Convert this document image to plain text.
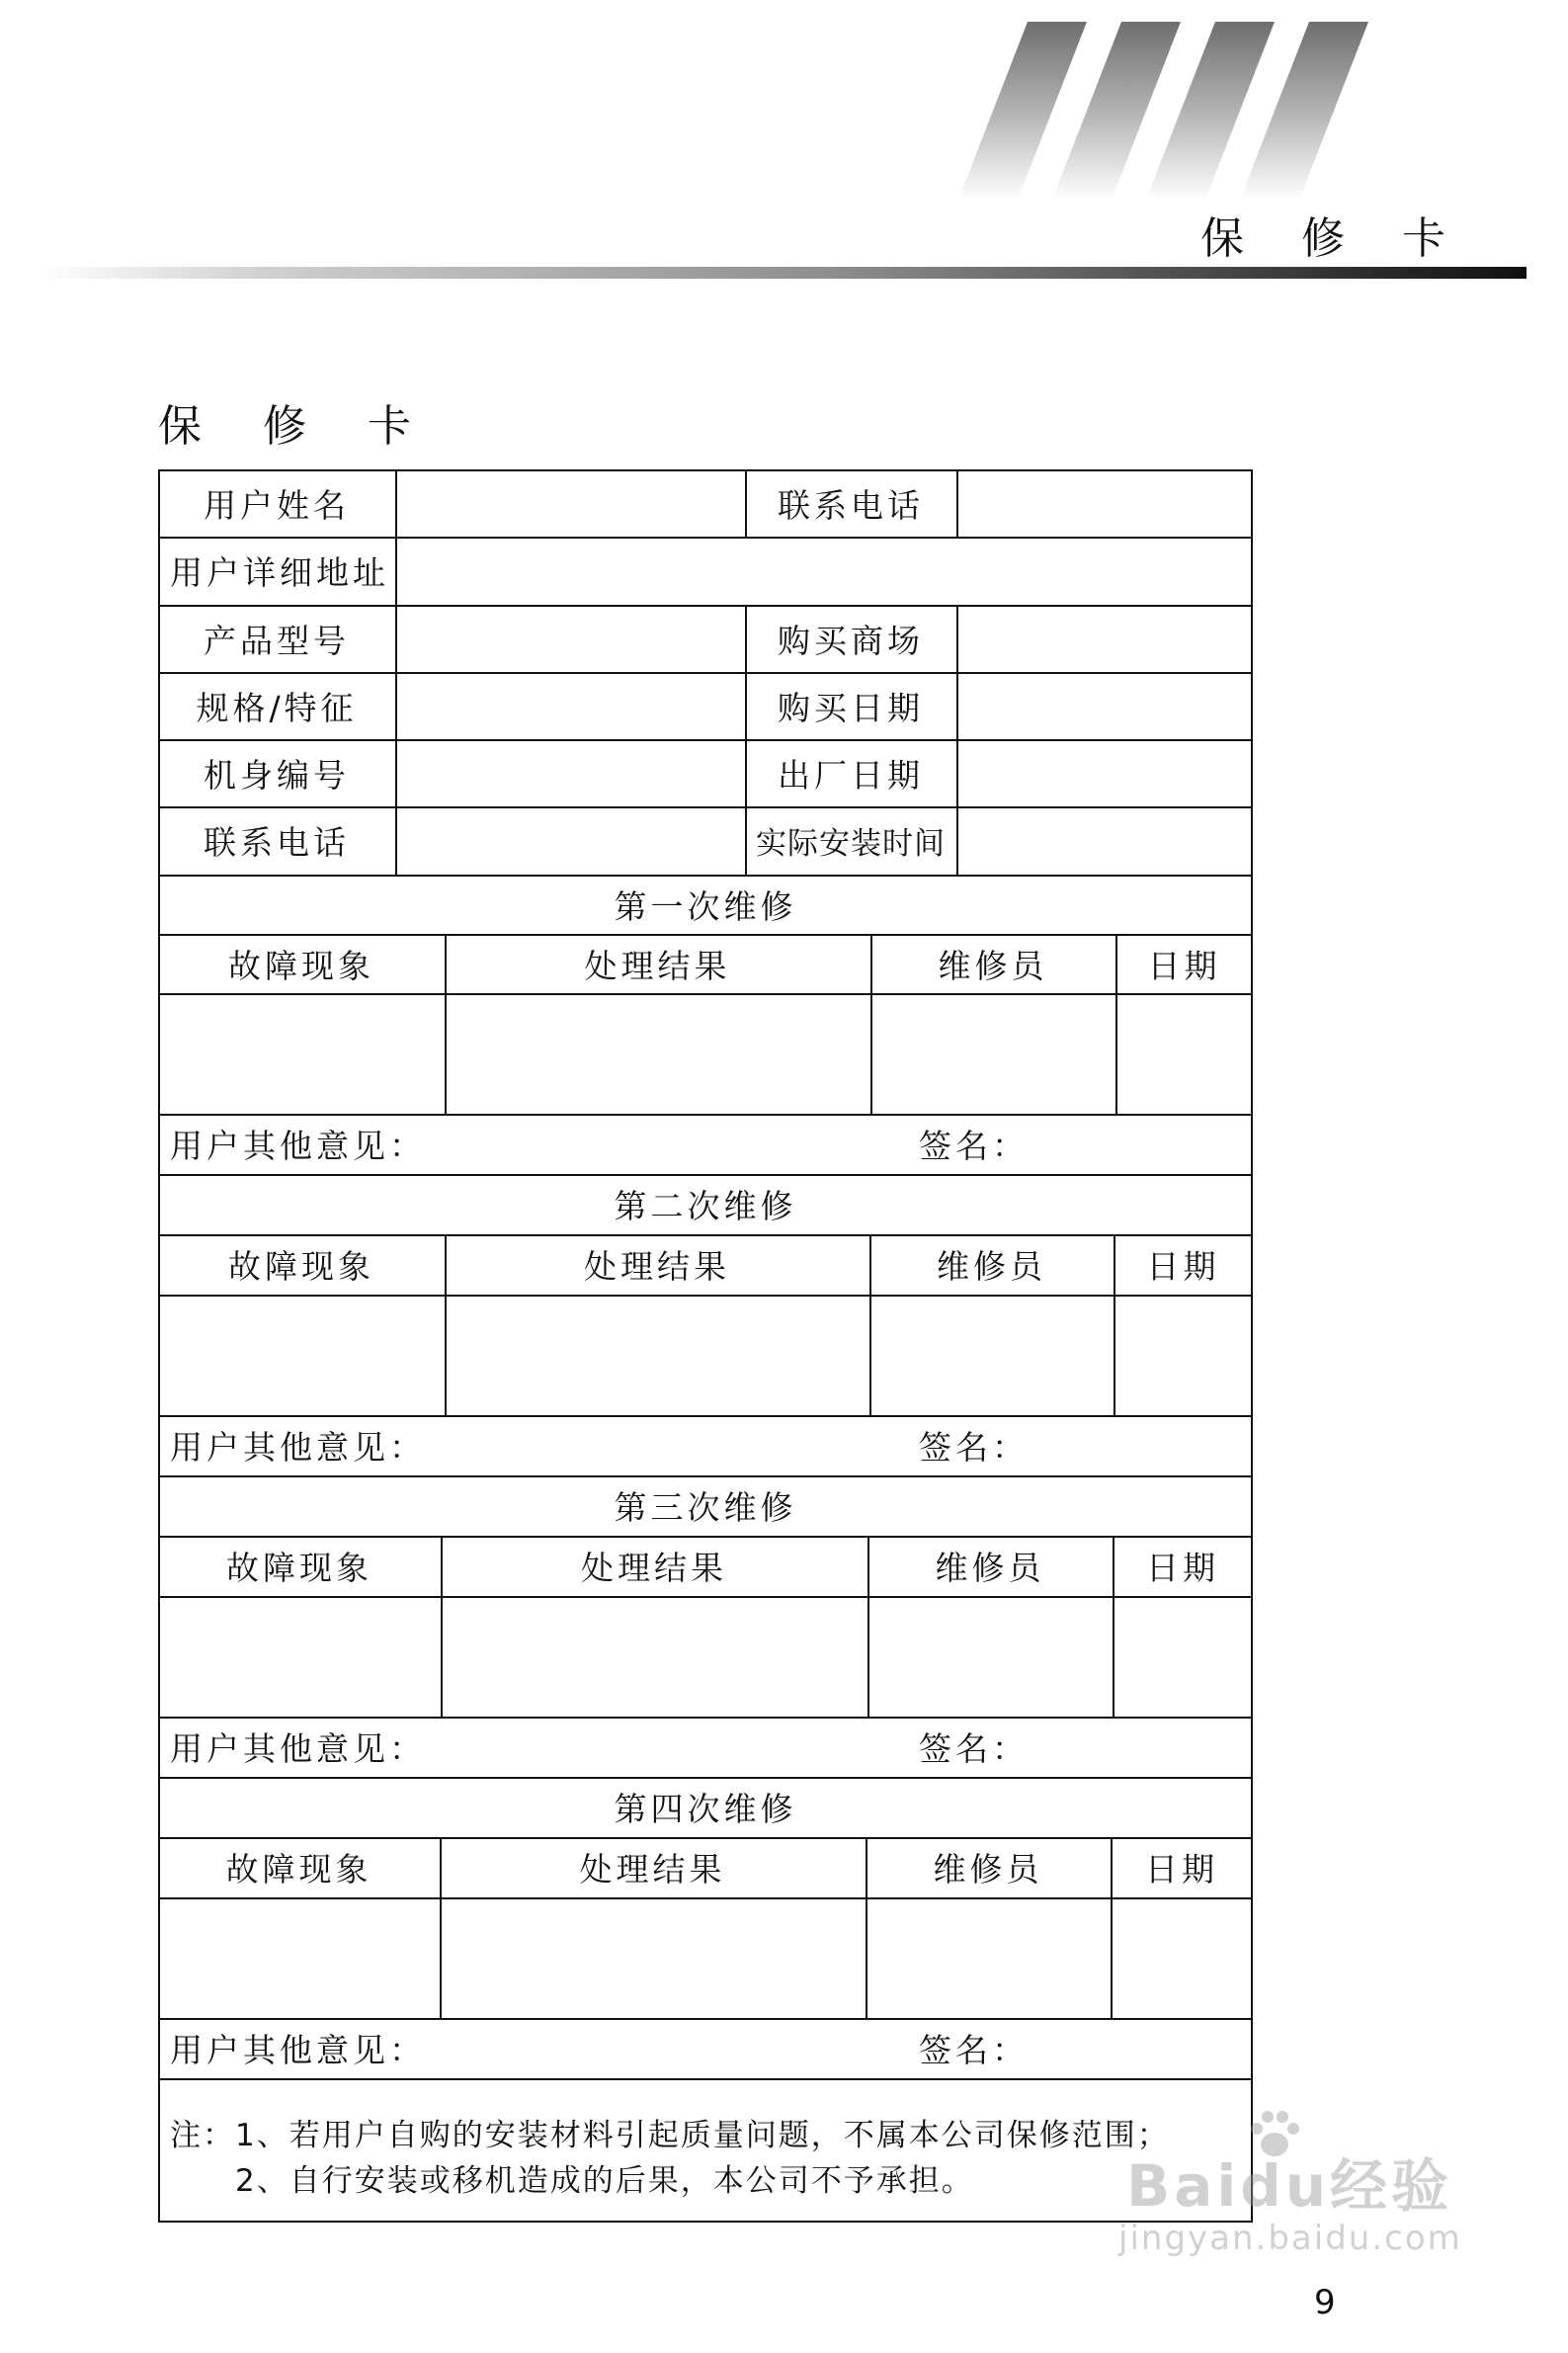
保 修 卡
保 修 卡
用户姓名	联系电话
用户详细地址
产品型号	购买商场
规格/特征	购买日期
机身编号	出厂日期
联系电话	实际安装时间
第一次维修
故障现象	处理结果	维修员	日期
用户其他意见：	签名：
第二次维修
故障现象	处理结果	维修员	日期
用户其他意见：	签名：
第三次维修
故障现象	处理结果	维修员	日期
用户其他意见：	签名：
第四次维修
故障现象	处理结果	维修员	日期
用户其他意见：	签名：
注：1、若用户自购的安装材料引起质量问题，不属本公司保修范围；
　　2、自行安装或移机造成的后果，本公司不予承担。	Baidu经验
jingyan.baidu.com
9
